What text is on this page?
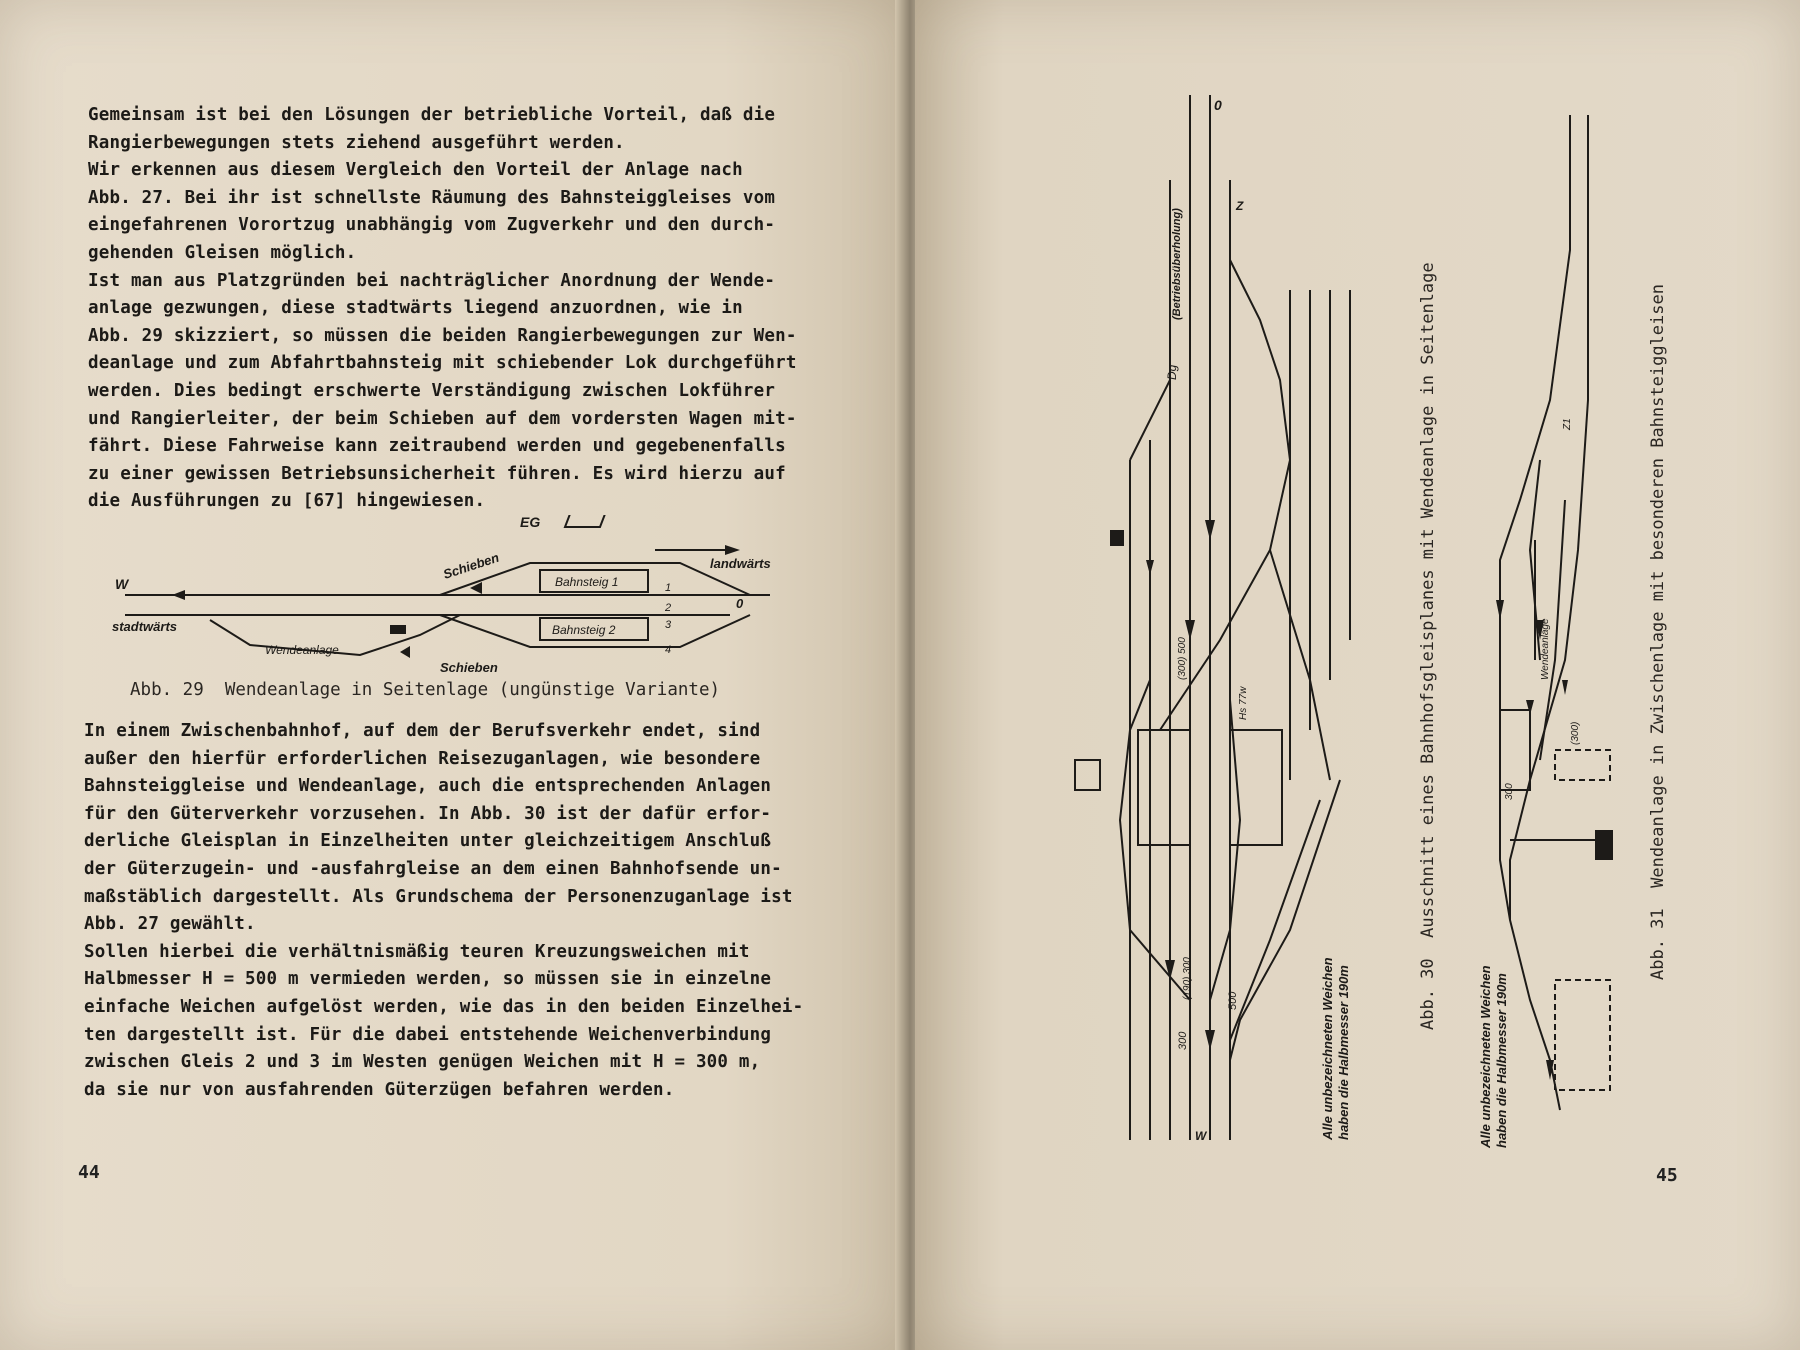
Gemeinsam ist bei den Lösungen der betriebliche Vorteil, daß die
Rangierbewegungen stets ziehend ausgeführt werden.
Wir erkennen aus diesem Vergleich den Vorteil der Anlage nach
Abb. 27. Bei ihr ist schnellste Räumung des Bahnsteiggleises vom
eingefahrenen Vorortzug unabhängig vom Zugverkehr und den durch-
gehenden Gleisen möglich.
Ist man aus Platzgründen bei nachträglicher Anordnung der Wende-
anlage gezwungen, diese stadtwärts liegend anzuordnen, wie in
Abb. 29 skizziert, so müssen die beiden Rangierbewegungen zur Wen-
deanlage und zum Abfahrtbahnsteig mit schiebender Lok durchgeführt
werden. Dies bedingt erschwerte Verständigung zwischen Lokführer
und Rangierleiter, der beim Schieben auf dem vordersten Wagen mit-
fährt. Diese Fahrweise kann zeitraubend werden und gegebenenfalls
zu einer gewissen Betriebsunsicherheit führen. Es wird hierzu auf
die Ausführungen zu [67] hingewiesen.
EG
W
landwärts
stadtwärts
Schieben
Schieben
Bahnsteig 1
Bahnsteig 2
Wendeanlage
0
1
2
3
4
Abb. 29  Wendeanlage in Seitenlage (ungünstige Variante)
In einem Zwischenbahnhof, auf dem der Berufsverkehr endet, sind
außer den hierfür erforderlichen Reisezuganlagen, wie besondere
Bahnsteiggleise und Wendeanlage, auch die entsprechenden Anlagen
für den Güterverkehr vorzusehen. In Abb. 30 ist der dafür erfor-
derliche Gleisplan in Einzelheiten unter gleichzeitigem Anschluß
der Güterzugein- und -ausfahrgleise an dem einen Bahnhofsende un-
maßstäblich dargestellt. Als Grundschema der Personenzuganlage ist
Abb. 27 gewählt.
Sollen hierbei die verhältnismäßig teuren Kreuzungsweichen mit
Halbmesser H = 500 m vermieden werden, so müssen sie in einzelne
einfache Weichen aufgelöst werden, wie das in den beiden Einzelhei-
ten dargestellt ist. Für die dabei entstehende Weichenverbindung
zwischen Gleis 2 und 3 im Westen genügen Weichen mit H = 300 m,
da sie nur von ausfahrenden Güterzügen befahren werden.
44
0
Z
Dg
(Betriebsüberholung)
(300) 500
Hs 77w
500
(190) 300
300
W
Abb. 30  Ausschnitt eines Bahnhofsgleisplanes mit Wendeanlage in Seitenlage
Alle unbezeichneten Weichen
haben die Halbmesser 190m
Wendeanlage
300
(300)
Z1	Abb. 31  Wendeanlage in Zwischenlage mit besonderen Bahnsteiggleisen
Alle unbezeichneten Weichen
haben die Halbmesser 190m
45
